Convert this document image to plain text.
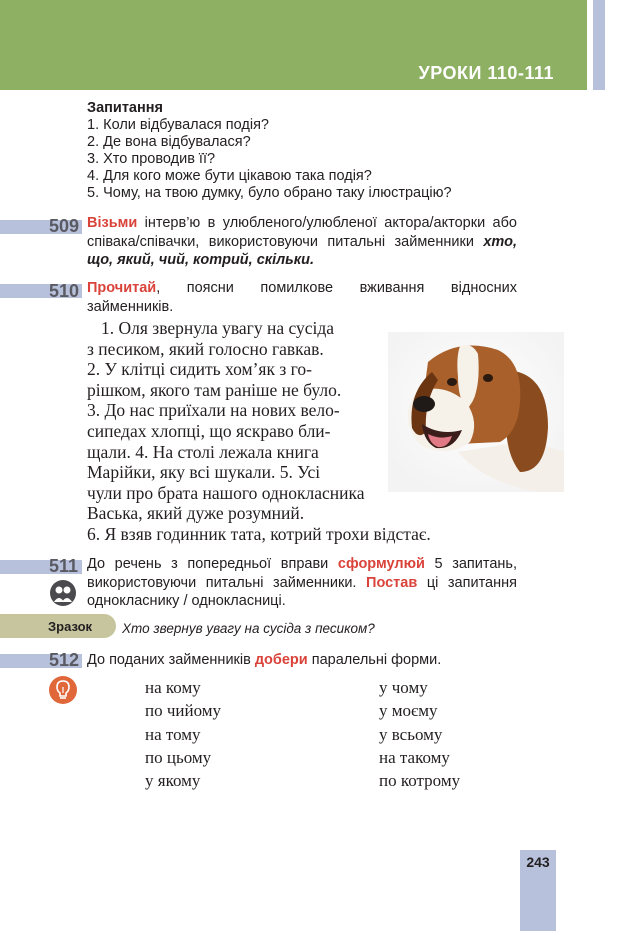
УРОКИ 110-111
Запитання
1. Коли відбувалася подія?
2. Де вона відбувалася?
3. Хто проводив її?
4. Для кого може бути цікавою така подія?
5. Чому, на твою думку, було обрано таку ілюстрацію?
509 Візьми інтерв’ю в улюбленого/улюбленої актора/акторки або співака/співачки, використовуючи питальні займенники хто, що, який, чий, котрий, скільки.
510 Прочитай, поясни помилкове вживання відносних займенників.
1. Оля звернула увагу на сусіда
з песиком, який голосно гавкав.
2. У клітці сидить хом’як з го-
рішком, якого там раніше не було.
3. До нас приїхали на нових вело-
сипедах хлопці, що яскраво бли-
щали. 4. На столі лежала книга
Марійки, яку всі шукали. 5. Усі
чули про брата нашого однокласника
Васька, який дуже розумний.
6. Я взяв годинник тата, котрий трохи відстає.
511 До речень з попередньої вправи сформулюй 5 запитань, використовуючи питальні займенники. Постав ці запитання однокласнику / однокласниці.
Зразок Хто звернув увагу на сусіда з песиком?
512 До поданих займенників добери паралельні форми.
на кому
по чийому
на тому
по цьому
у якому
у чому
у моєму
у всьому
на такому
по котрому
243
